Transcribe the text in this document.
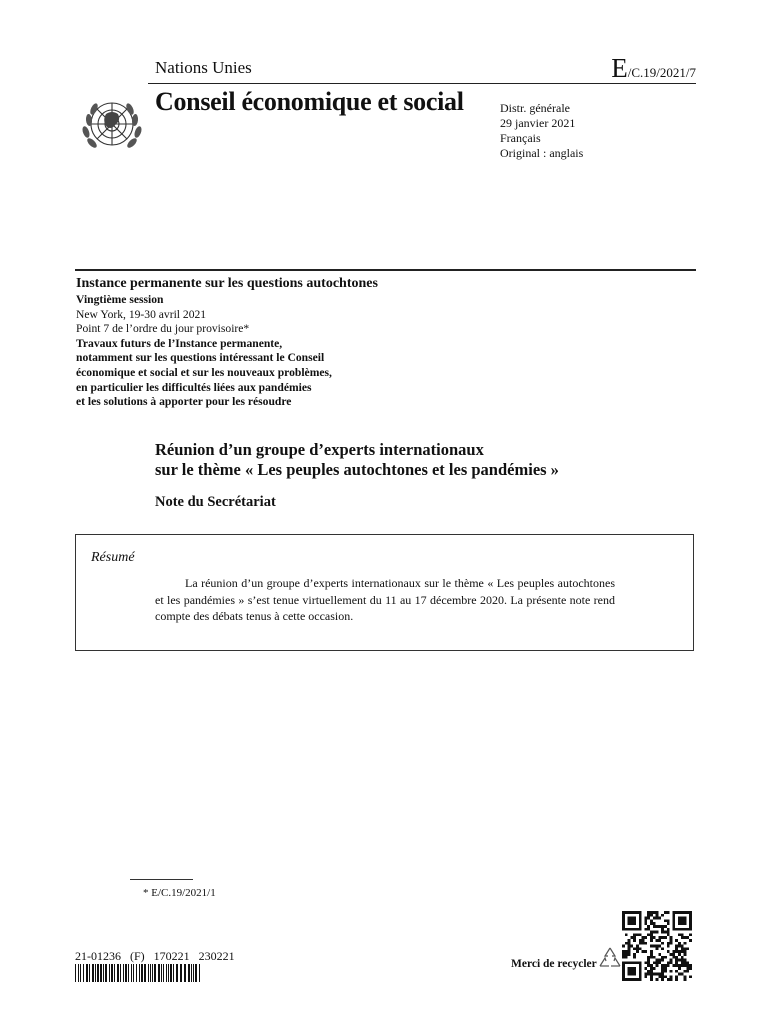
Nations Unies	E/C.19/2021/7
Conseil économique et social	Distr. générale
29 janvier 2021
Français
Original : anglais
Instance permanente sur les questions autochtones
Vingtième session
New York, 19-30 avril 2021
Point 7 de l’ordre du jour provisoire*
Travaux futurs de l’Instance permanente,
notamment sur les questions intéressant le Conseil
économique et social et sur les nouveaux problèmes,
en particulier les difficultés liées aux pandémies
et les solutions à apporter pour les résoudre
Réunion d’un groupe d’experts internationaux
sur le thème « Les peuples autochtones et les pandémies »
Note du Secrétariat
Résumé
La réunion d’un groupe d’experts internationaux sur le thème « Les peuples autochtones et les pandémies » s’est tenue virtuellement du 11 au 17 décembre 2020. La présente note rend compte des débats tenus à cette occasion.
* E/C.19/2021/1
21-01236 (F) 170221 230221
Merci de recycler
